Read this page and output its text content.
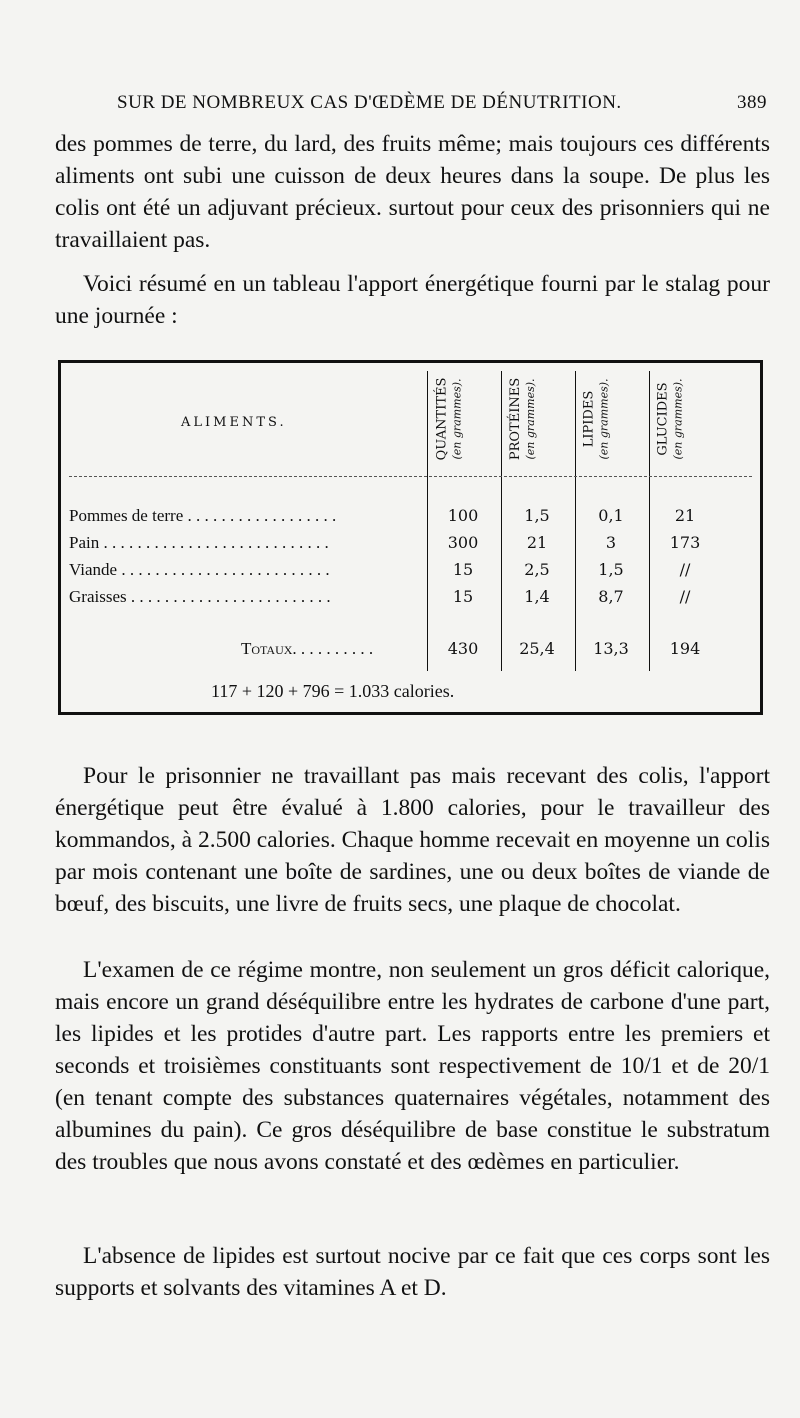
SUR DE NOMBREUX CAS D'ŒDÈME DE DÉNUTRITION.	389

des pommes de terre, du lard, des fruits même; mais toujours ces différents aliments ont subi une cuisson de deux heures dans la soupe. De plus les colis ont été un adjuvant précieux. surtout pour ceux des prisonniers qui ne travaillaient pas.

Voici résumé en un tableau l'apport énergétique fourni par le stalag pour une journée :

ALIMENTS.	QUANTITÉS (en grammes).	PROTÉINES (en grammes).	LIPIDES (en grammes).	GLUCIDES (en grammes).
Pommes de terre . . . . . . . . . . . . . . . . . .	100	1,5	0,1	21
Pain . . . . . . . . . . . . . . . . . . . . . . . . . . .	300	21	3	173
Viande . . . . . . . . . . . . . . . . . . . . . . . . .	15	2,5	1,5	//
Graisses . . . . . . . . . . . . . . . . . . . . . . . .	15	1,4	8,7	//
Totaux. . . . . . . . . .	430	25,4	13,3	194
117 + 120 + 796 = 1.033 calories.

Pour le prisonnier ne travaillant pas mais recevant des colis, l'apport énergétique peut être évalué à 1.800 calories, pour le travailleur des kommandos, à 2.500 calories. Chaque homme recevait en moyenne un colis par mois contenant une boîte de sardines, une ou deux boîtes de viande de bœuf, des biscuits, une livre de fruits secs, une plaque de chocolat.

L'examen de ce régime montre, non seulement un gros déficit calorique, mais encore un grand déséquilibre entre les hydrates de carbone d'une part, les lipides et les protides d'autre part. Les rapports entre les premiers et seconds et troisièmes constituants sont respectivement de 10/1 et de 20/1 (en tenant compte des substances quaternaires végétales, notamment des albumines du pain). Ce gros déséquilibre de base constitue le substratum des troubles que nous avons constaté et des œdèmes en particulier.

L'absence de lipides est surtout nocive par ce fait que ces corps sont les supports et solvants des vitamines A et D.
